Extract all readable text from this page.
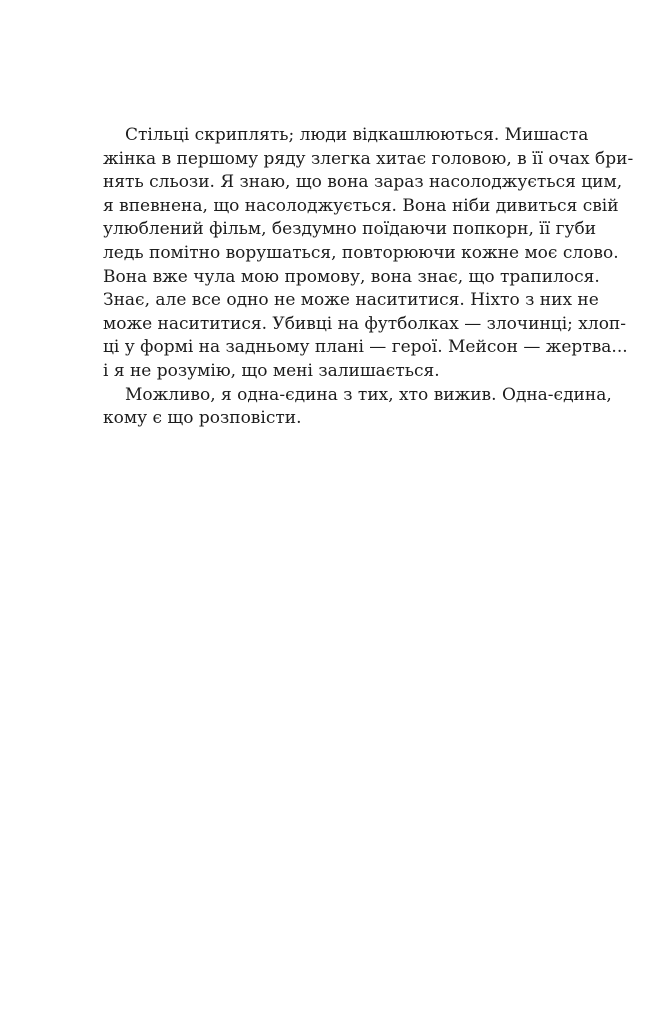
Стільці скриплять; люди відкашлюються. Мишаста
жінка в першому ряду злегка хитає головою, в її очах бри-
нять сльози. Я знаю, що вона зараз насолоджується цим,
я впевнена, що насолоджується. Вона ніби дивиться свій
улюблений фільм, бездумно поїдаючи попкорн, її губи
ледь помітно ворушаться, повторюючи кожне моє слово.
Вона вже чула мою промову, вона знає, що трапилося.
Знає, але все одно не може насититися. Ніхто з них не
може насититися. Убивці на футболках — злочинці; хлоп-
ці у формі на задньому плані — герої. Мейсон — жертва...
і я не розумію, що мені залишається.
Можливо, я одна-єдина з тих, хто вижив. Одна-єдина,
кому є що розповісти.
